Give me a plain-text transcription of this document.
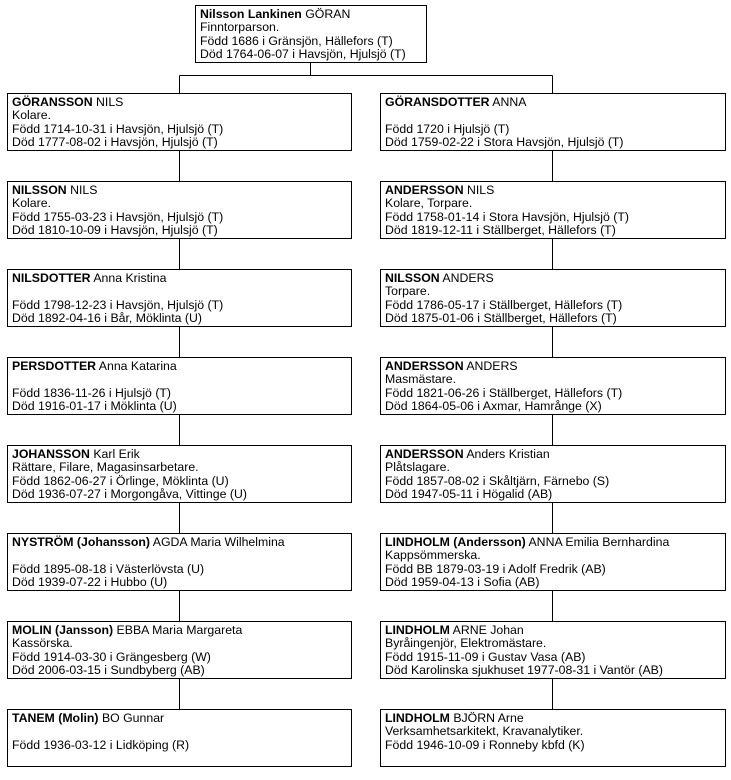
Nilsson Lankinen GÖRAN
Finntorparson.
Född 1686 i Gränsjön, Hällefors (T)
Död 1764-06-07 i Havsjön, Hjulsjö (T)
GÖRANSSON NILS
Kolare.
Född 1714-10-31 i Havsjön, Hjulsjö (T)
Död 1777-08-02 i Havsjön, Hjulsjö (T)
NILSSON NILS
Kolare.
Född 1755-03-23 i Havsjön, Hjulsjö (T)
Död 1810-10-09 i Havsjön, Hjulsjö (T)
NILSDOTTER Anna Kristina
Född 1798-12-23 i Havsjön, Hjulsjö (T)
Död 1892-04-16 i Bår, Möklinta (U)
PERSDOTTER Anna Katarina
Född 1836-11-26 i Hjulsjö (T)
Död 1916-01-17 i Möklinta (U)
JOHANSSON Karl Erik
Rättare, Filare, Magasinsarbetare.
Född 1862-06-27 i Örlinge, Möklinta (U)
Död 1936-07-27 i Morgongåva, Vittinge (U)
NYSTRÖM (Johansson) AGDA Maria Wilhelmina
Född 1895-08-18 i Västerlövsta (U)
Död 1939-07-22 i Hubbo (U)
MOLIN (Jansson) EBBA Maria Margareta
Kassörska.
Född 1914-03-30 i Grängesberg (W)
Död 2006-03-15 i Sundbyberg (AB)
TANEM (Molin) BO Gunnar
Född 1936-03-12 i Lidköping (R)
GÖRANSDOTTER ANNA
Född 1720 i Hjulsjö (T)
Död 1759-02-22 i Stora Havsjön, Hjulsjö (T)
ANDERSSON NILS
Kolare, Torpare.
Född 1758-01-14 i Stora Havsjön, Hjulsjö (T)
Död 1819-12-11 i Ställberget, Hällefors (T)
NILSSON ANDERS
Torpare.
Född 1786-05-17 i Ställberget, Hällefors (T)
Död 1875-01-06 i Ställberget, Hällefors (T)
ANDERSSON ANDERS
Masmästare.
Född 1821-06-26 i Ställberget, Hällefors (T)
Död 1864-05-06 i Axmar, Hamrånge (X)
ANDERSSON Anders Kristian
Plåtslagare.
Född 1857-08-02 i Skåltjärn, Färnebo (S)
Död 1947-05-11 i Högalid (AB)
LINDHOLM (Andersson) ANNA Emilia Bernhardina
Kappsömmerska.
Född BB 1879-03-19 i Adolf Fredrik (AB)
Död 1959-04-13 i Sofia (AB)
LINDHOLM ARNE Johan
Byråingenjör, Elektromästare.
Född 1915-11-09 i Gustav Vasa (AB)
Död Karolinska sjukhuset 1977-08-31 i Vantör (AB)
LINDHOLM BJÖRN Arne
Verksamhetsarkitekt, Kravanalytiker.
Född 1946-10-09 i Ronneby kbfd (K)
